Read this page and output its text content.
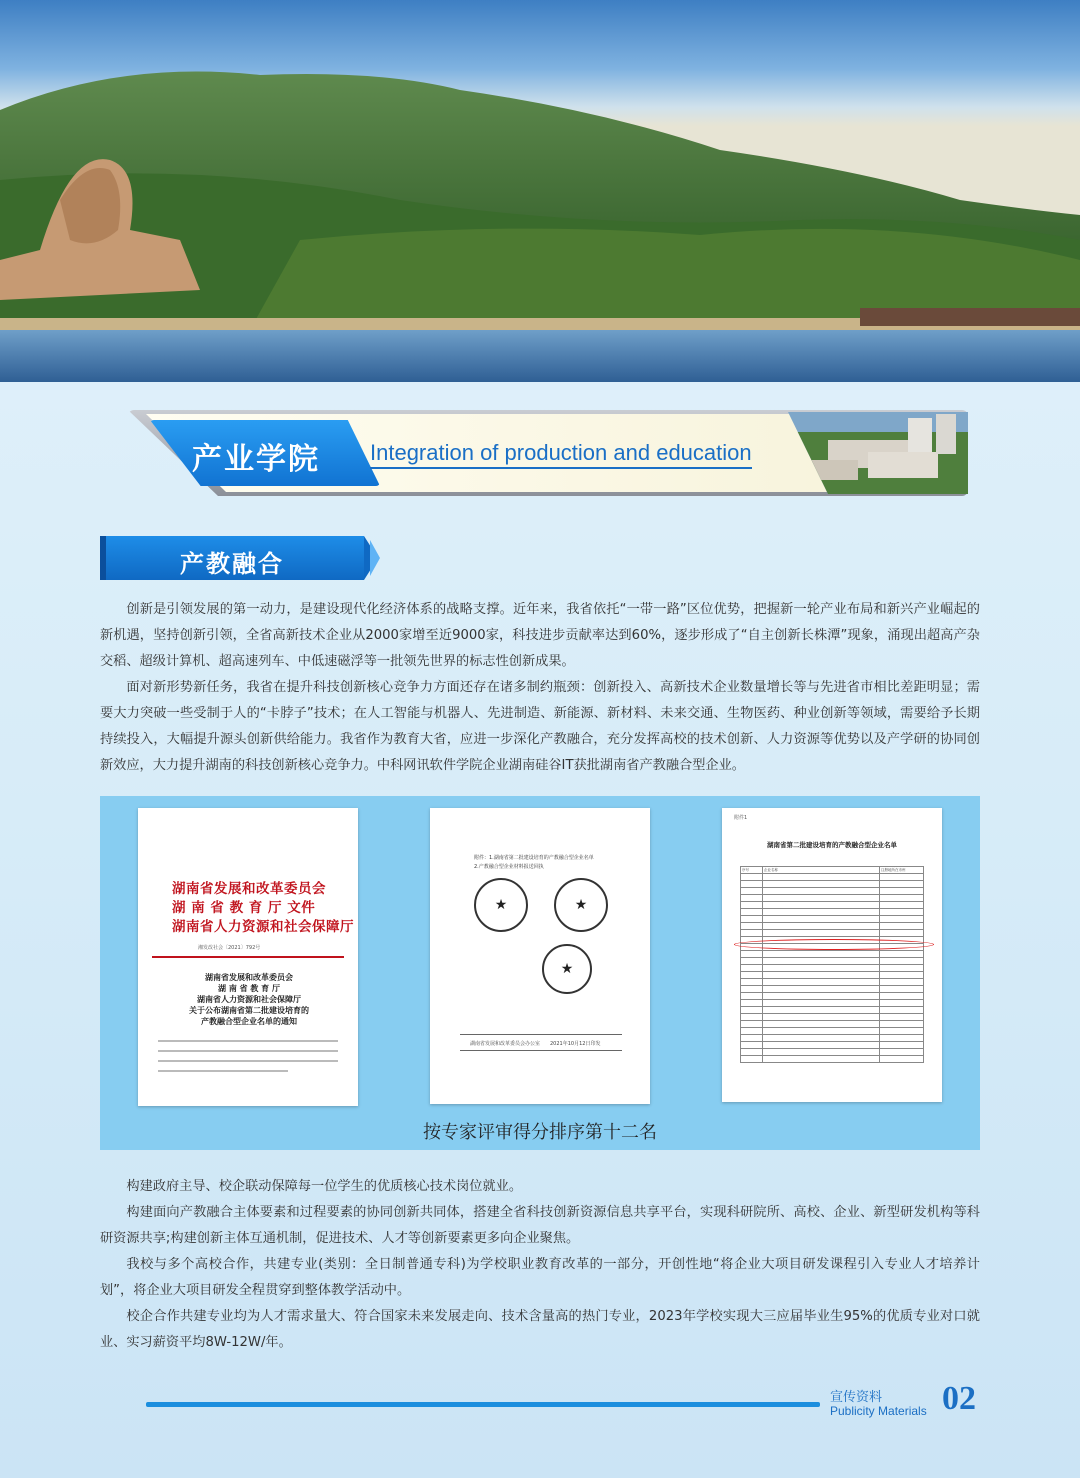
产业学院 Integration of production and education
产教融合

创新是引领发展的第一动力，是建设现代化经济体系的战略支撑。近年来，我省依托“一带一路”区位优势，把握新一轮产业布局和新兴产业崛起的新机遇，坚持创新引领，全省高新技术企业从2000家增至近9000家，科技进步贡献率达到60%，逐步形成了“自主创新长株潭”现象，涌现出超高产杂交稻、超级计算机、超高速列车、中低速磁浮等一批领先世界的标志性创新成果。

面对新形势新任务，我省在提升科技创新核心竞争力方面还存在诸多制约瓶颈：创新投入、高新技术企业数量增长等与先进省市相比差距明显；需要大力突破一些受制于人的“卡脖子”技术；在人工智能与机器人、先进制造、新能源、新材料、未来交通、生物医药、种业创新等领域，需要给予长期持续投入，大幅提升源头创新供给能力。我省作为教育大省，应进一步深化产教融合，充分发挥高校的技术创新、人力资源等优势以及产学研的协同创新效应，大力提升湖南的科技创新核心竞争力。中科网讯软件学院企业湖南硅谷IT获批湖南省产教融合型企业。

湖南省发展和改革委员会
湖 南 省 教 育 厅 文件
湖南省人力资源和社会保障厅
湘发改社会〔2021〕792号
湖南省发展和改革委员会
湖 南 省 教 育 厅
湖南省人力资源和社会保障厅
关于公布湖南省第二批建设培育的
产教融合型企业名单的通知
附件：1.湖南省第二批建设培育的产教融合型企业名单
2.产教融合型企业材料报送回执
★	★
★
湖南省发展和改革委员会办公室　　2021年10月12日印发
附件1
湖南省第二批建设培育的产教融合型企业名单
序号	企业名称	注册地所在市州

按专家评审得分排序第十二名

构建政府主导、校企联动保障每一位学生的优质核心技术岗位就业。

构建面向产教融合主体要素和过程要素的协同创新共同体，搭建全省科技创新资源信息共享平台，实现科研院所、高校、企业、新型研发机构等科研资源共享;构建创新主体互通机制，促进技术、人才等创新要素更多向企业聚焦。

我校与多个高校合作，共建专业(类别：全日制普通专科)为学校职业教育改革的一部分，开创性地“将企业大项目研发课程引入专业人才培养计划”，将企业大项目研发全程贯穿到整体教学活动中。

校企合作共建专业均为人才需求量大、符合国家未来发展走向、技术含量高的热门专业，2023年学校实现大三应届毕业生95%的优质专业对口就业、实习薪资平均8W-12W/年。

宣传资料
Publicity Materials 02
